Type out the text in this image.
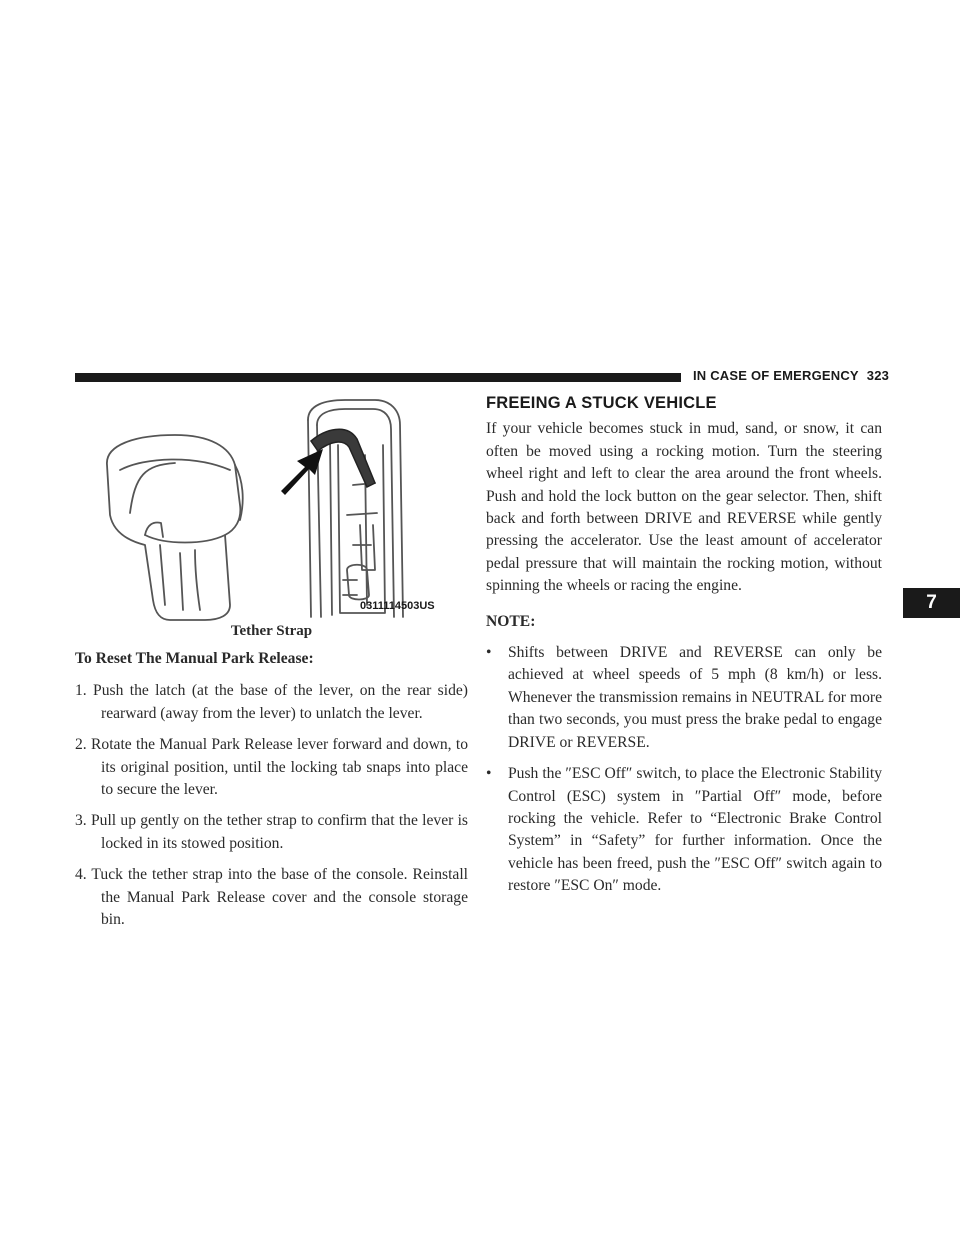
IN CASE OF EMERGENCY 323
7
0311114503US
Tether Strap
To Reset The Manual Park Release:
1. Push the latch (at the base of the lever, on the rear side) rearward (away from the lever) to unlatch the lever.
2. Rotate the Manual Park Release lever forward and down, to its original position, until the locking tab snaps into place to secure the lever.
3. Pull up gently on the tether strap to confirm that the lever is locked in its stowed position.
4. Tuck the tether strap into the base of the console. Reinstall the Manual Park Release cover and the console storage bin.
FREEING A STUCK VEHICLE
If your vehicle becomes stuck in mud, sand, or snow, it can often be moved using a rocking motion. Turn the steering wheel right and left to clear the area around the front wheels. Push and hold the lock button on the gear selector. Then, shift back and forth between DRIVE and REVERSE while gently pressing the accelerator. Use the least amount of accelerator pedal pressure that will maintain the rocking motion, without spinning the wheels or racing the engine.
NOTE:
• Shifts between DRIVE and REVERSE can only be achieved at wheel speeds of 5 mph (8 km/h) or less. Whenever the transmission remains in NEUTRAL for more than two seconds, you must press the brake pedal to engage DRIVE or REVERSE.
• Push the ″ESC Off″ switch, to place the Electronic Stability Control (ESC) system in ″Partial Off″ mode, before rocking the vehicle. Refer to “Electronic Brake Control System” in “Safety” for further information. Once the vehicle has been freed, push the ″ESC Off″ switch again to restore ″ESC On″ mode.
